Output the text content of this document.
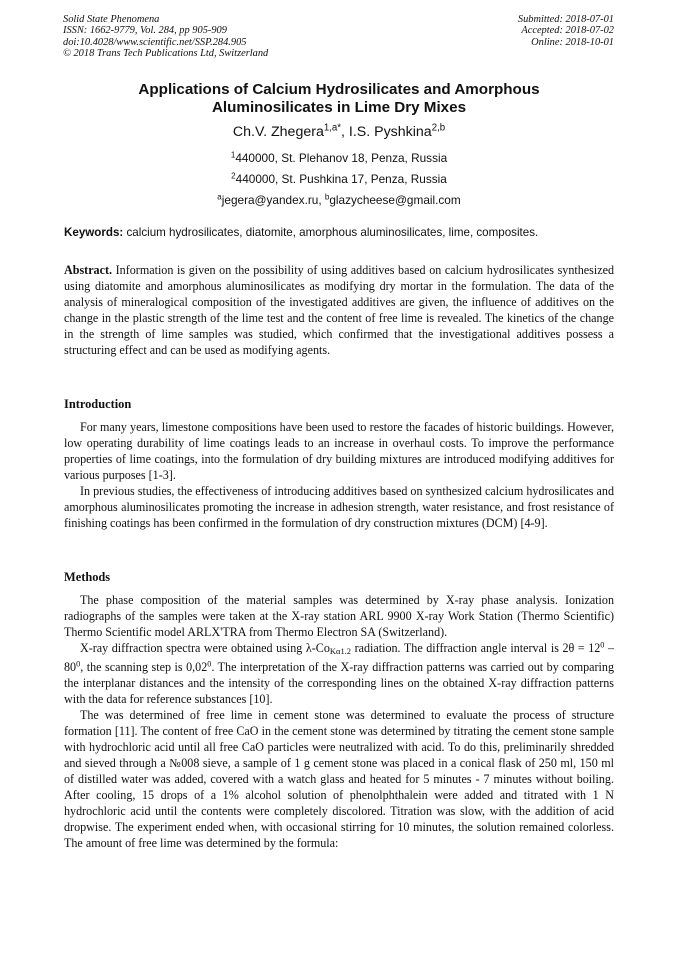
Solid State Phenomena
ISSN: 1662-9779, Vol. 284, pp 905-909
doi:10.4028/www.scientific.net/SSP.284.905
© 2018 Trans Tech Publications Ltd, Switzerland
Submitted: 2018-07-01
Accepted: 2018-07-02
Online: 2018-10-01
Applications of Calcium Hydrosilicates and Amorphous
Aluminosilicates in Lime Dry Mixes
Ch.V. Zhegera$^{1,a*}$, I.S. Pyshkina$^{2,b}$
$^1$440000, St. Plehanov 18, Penza, Russia
$^2$440000, St. Pushkina 17, Penza, Russia
$^a$jegera@yandex.ru, $^b$glazycheese@gmail.com
Keywords: calcium hydrosilicates, diatomite, amorphous aluminosilicates, lime, composites.

Abstract. Information is given on the possibility of using additives based on calcium hydrosilicates synthesized using diatomite and amorphous aluminosilicates as modifying dry mortar in the formulation. The data of the analysis of mineralogical composition of the investigated additives are given, the influence of additives on the change in the plastic strength of the lime test and the content of free lime is revealed. The kinetics of the change in the strength of lime samples was studied, which confirmed that the investigational additives possess a structuring effect and can be used as modifying agents.

Introduction

For many years, limestone compositions have been used to restore the facades of historic buildings. However, low operating durability of lime coatings leads to an increase in overhaul costs. To improve the performance properties of lime coatings, into the formulation of dry building mixtures are introduced modifying additives for various purposes [1-3].

In previous studies, the effectiveness of introducing additives based on synthesized calcium hydrosilicates and amorphous aluminosilicates promoting the increase in adhesion strength, water resistance, and frost resistance of finishing coatings has been confirmed in the formulation of dry construction mixtures (DCM) [4-9].

Methods

The phase composition of the material samples was determined by X-ray phase analysis. Ionization radiographs of the samples were taken at the X-ray station ARL 9900 X-ray Work Station (Thermo Scientific) Thermo Scientific model ARLX'TRA from Thermo Electron SA (Switzerland).

X-ray diffraction spectra were obtained using $\lambda-Co_{K\alpha 1.2}$ radiation. The diffraction angle interval is $2\theta = 12^0 - 80^0$, the scanning step is 0,02$^0$. The interpretation of the X-ray diffraction patterns was carried out by comparing the interplanar distances and the intensity of the corresponding lines on the obtained X-ray diffraction patterns with the data for reference substances [10].

The was determined of free lime in cement stone was determined to evaluate the process of structure formation [11]. The content of free CaO in the cement stone was determined by titrating the cement stone sample with hydrochloric acid until all free CaO particles were neutralized with acid. To do this, preliminarily shredded and sieved through a №008 sieve, a sample of 1 g cement stone was placed in a conical flask of 250 ml, 150 ml of distilled water was added, covered with a watch glass and heated for 5 minutes - 7 minutes without boiling. After cooling, 15 drops of a 1% alcohol solution of phenolphthalein were added and titrated with 1 N hydrochloric acid until the contents were completely discolored. Titration was slow, with the addition of acid dropwise. The experiment ended when, with occasional stirring for 10 minutes, the solution remained colorless. The amount of free lime was determined by the formula:
